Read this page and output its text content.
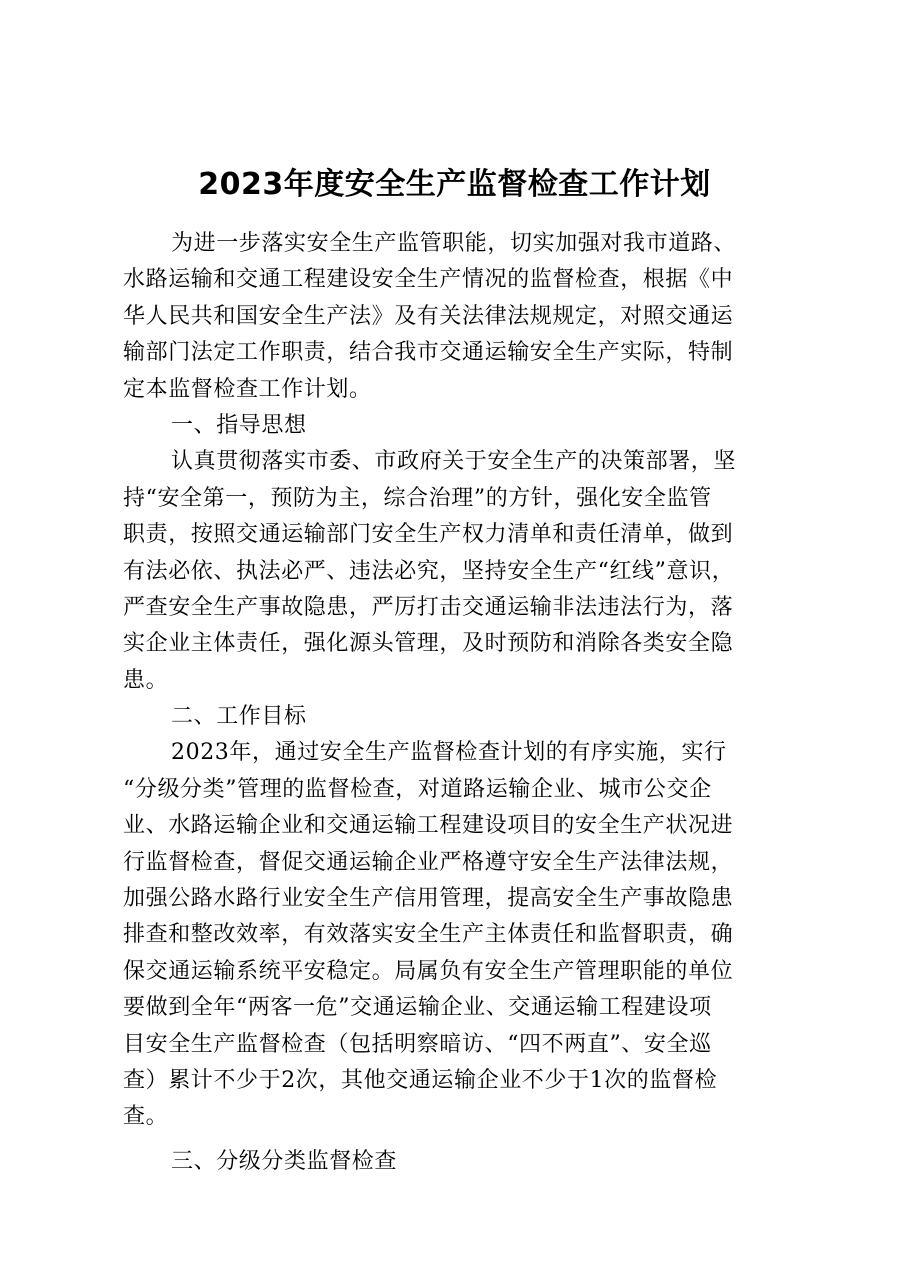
2023年度安全生产监督检查工作计划
为进一步落实安全生产监管职能，切实加强对我市道路、
水路运输和交通工程建设安全生产情况的监督检查，根据《中
华人民共和国安全生产法》及有关法律法规规定，对照交通运
输部门法定工作职责，结合我市交通运输安全生产实际，特制
定本监督检查工作计划。
一、指导思想
认真贯彻落实市委、市政府关于安全生产的决策部署，坚
持“安全第一，预防为主，综合治理”的方针，强化安全监管
职责，按照交通运输部门安全生产权力清单和责任清单，做到
有法必依、执法必严、违法必究，坚持安全生产“红线”意识，
严查安全生产事故隐患，严厉打击交通运输非法违法行为，落
实企业主体责任，强化源头管理，及时预防和消除各类安全隐
患。
二、工作目标
2023年，通过安全生产监督检查计划的有序实施，实行
“分级分类”管理的监督检查，对道路运输企业、城市公交企
业、水路运输企业和交通运输工程建设项目的安全生产状况进
行监督检查，督促交通运输企业严格遵守安全生产法律法规，
加强公路水路行业安全生产信用管理，提高安全生产事故隐患
排查和整改效率，有效落实安全生产主体责任和监督职责，确
保交通运输系统平安稳定。局属负有安全生产管理职能的单位
要做到全年“两客一危”交通运输企业、交通运输工程建设项
目安全生产监督检查（包括明察暗访、“四不两直”、安全巡
查）累计不少于2次，其他交通运输企业不少于1次的监督检
查。
三、分级分类监督检查
